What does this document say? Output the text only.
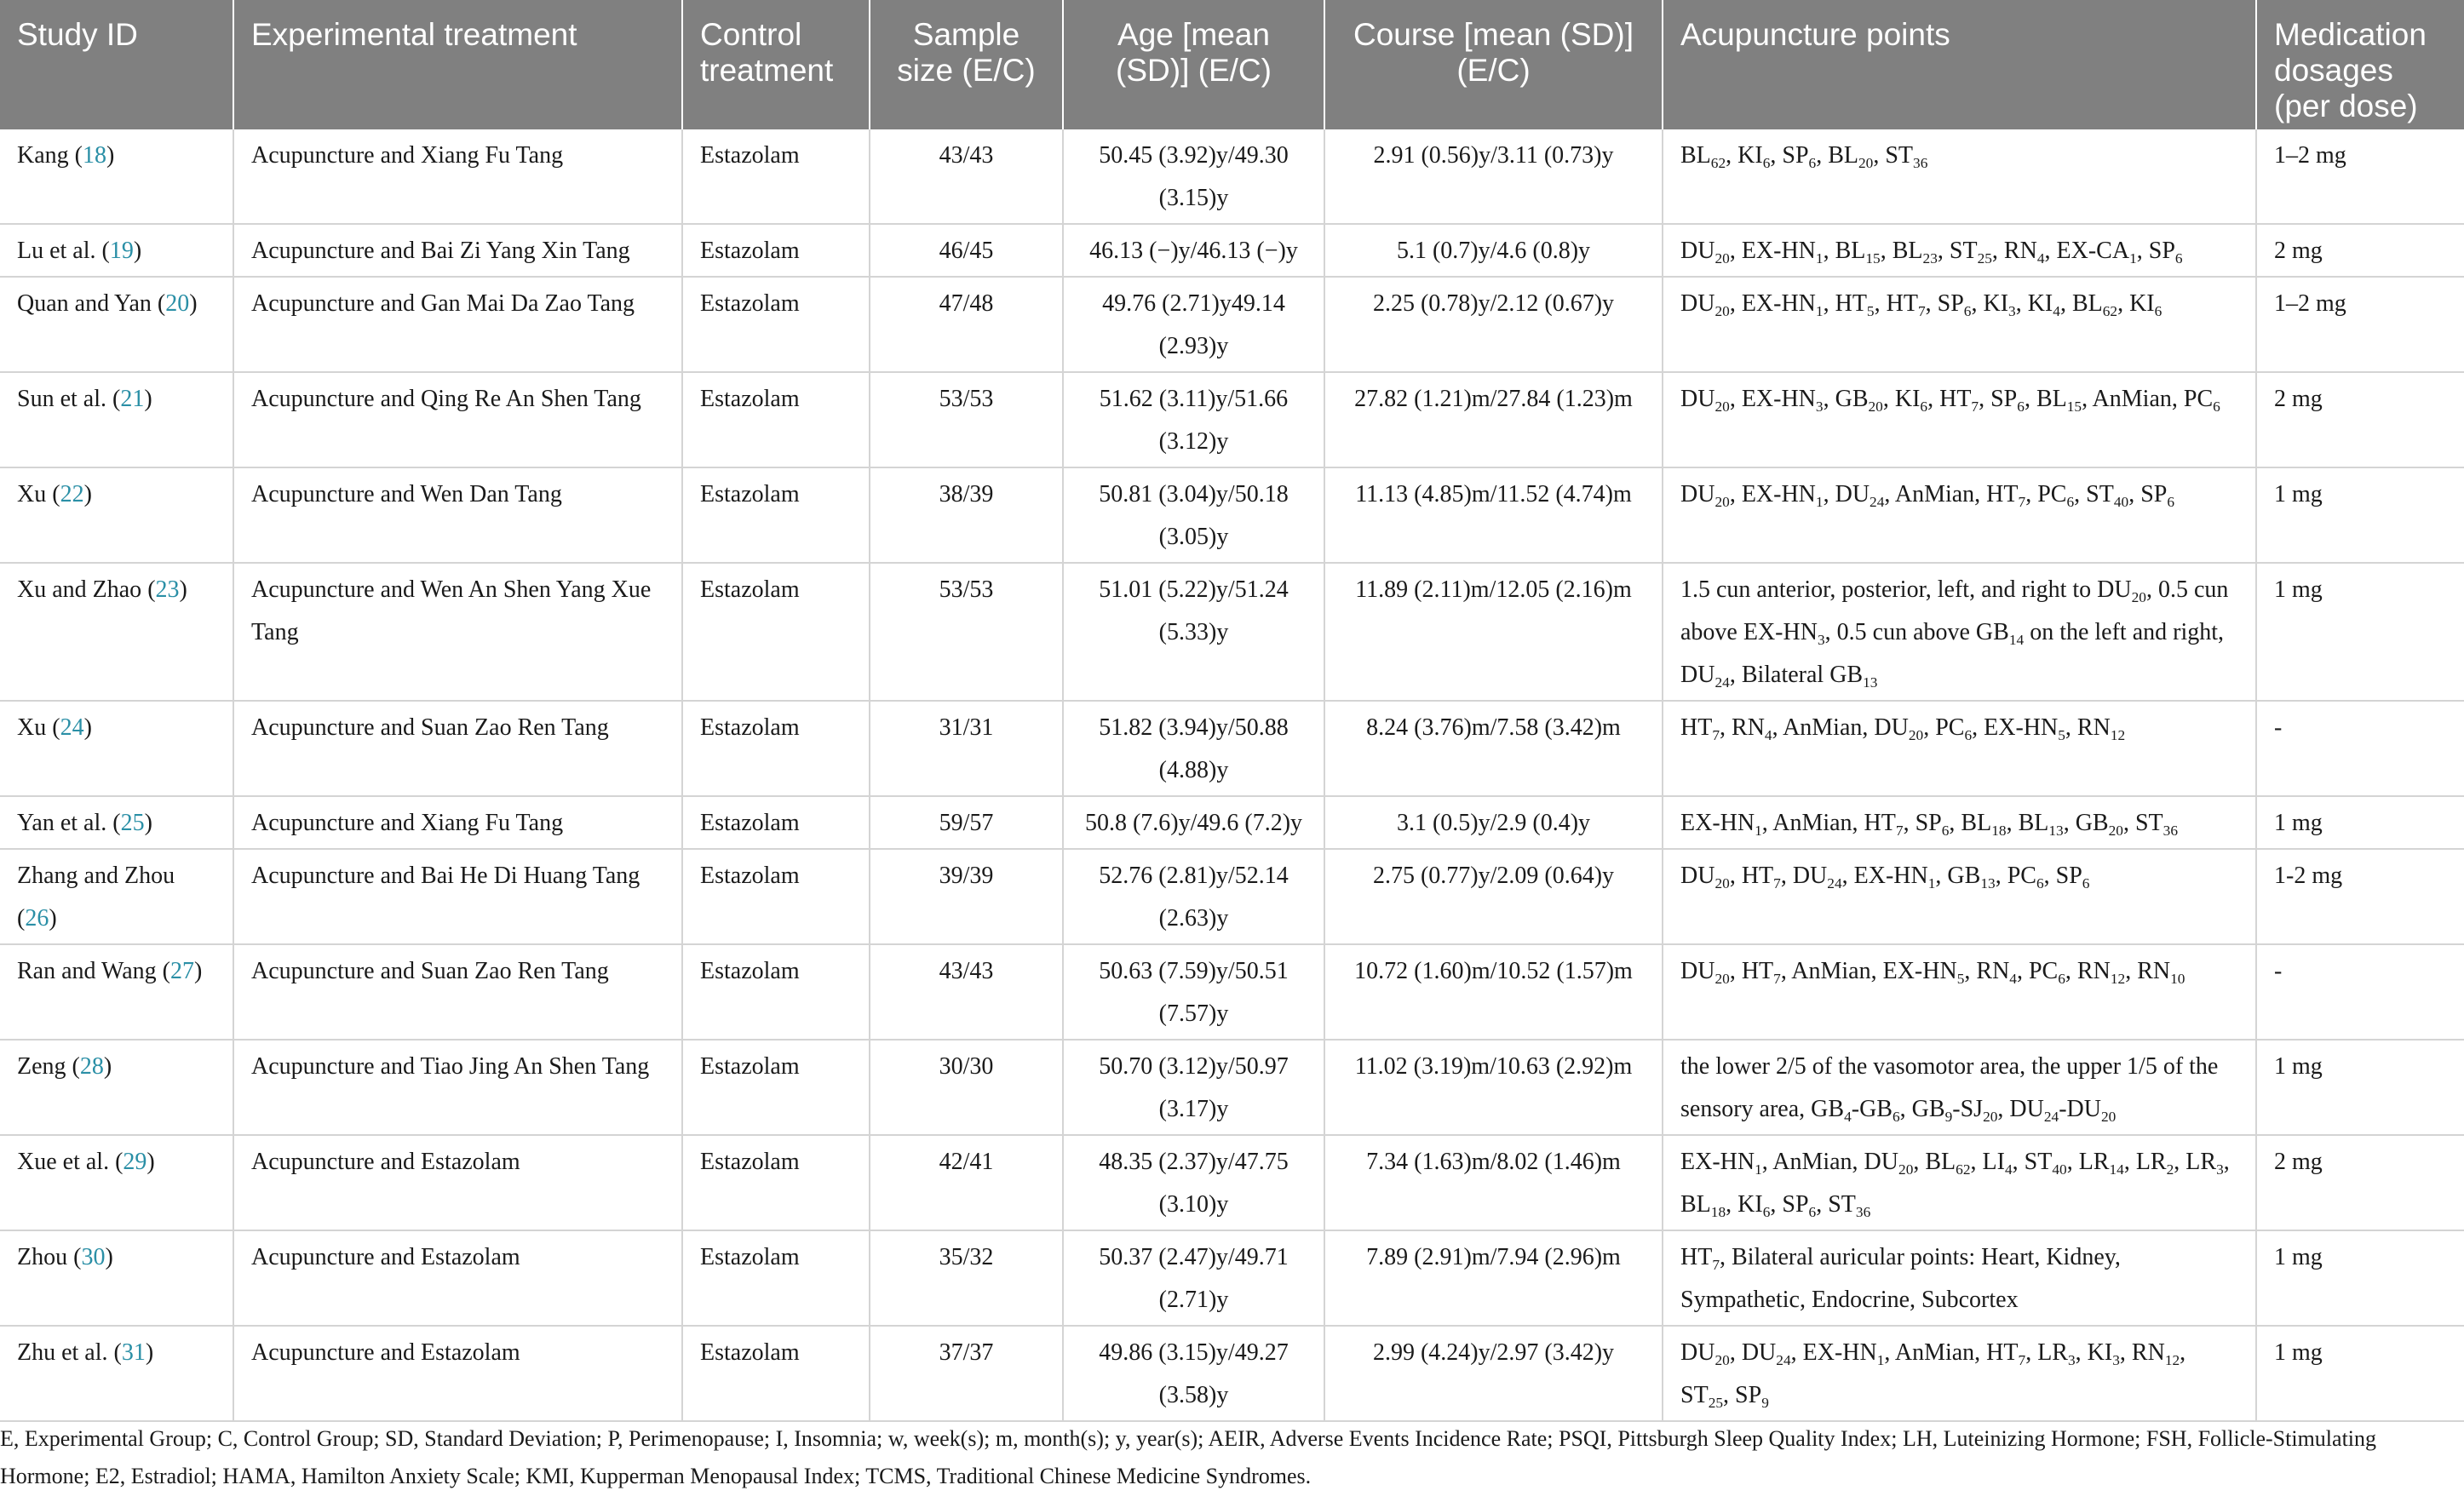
Study ID	Experimental treatment	Control treatment	Sample size (E/C)	Age [mean (SD)] (E/C)	Course [mean (SD)] (E/C)	Acupuncture points	Medication dosages (per dose)
Kang (18)	Acupuncture and Xiang Fu Tang	Estazolam	43/43	50.45 (3.92)y/49.30 (3.15)y	2.91 (0.56)y/3.11 (0.73)y	$BL_{62}$, $KI_6$, $SP_6$, $BL_{20}$, $ST_{36}$	1–2 mg
Lu et al. (19)	Acupuncture and Bai Zi Yang Xin Tang	Estazolam	46/45	46.13 (−)y/46.13 (−)y	5.1 (0.7)y/4.6 (0.8)y	$DU_{20}$, $EX-HN_1$, $BL_{15}$, $BL_{23}$, $ST_{25}$, $RN_4$, $EX-CA_1$, $SP_6$	2 mg
Quan and Yan (20)	Acupuncture and Gan Mai Da Zao Tang	Estazolam	47/48	49.76 (2.71)y49.14 (2.93)y	2.25 (0.78)y/2.12 (0.67)y	$DU_{20}$, $EX-HN_1$, $HT_5$, $HT_7$, $SP_6$, $KI_3$, $KI_4$, $BL_{62}$, $KI_6$	1–2 mg
Sun et al. (21)	Acupuncture and Qing Re An Shen Tang	Estazolam	53/53	51.62 (3.11)y/51.66 (3.12)y	27.82 (1.21)m/27.84 (1.23)m	$DU_{20}$, $EX-HN_3$, $GB_{20}$, $KI_6$, $HT_7$, $SP_6$, $BL_{15}$, AnMian, $PC_6$	2 mg
Xu (22)	Acupuncture and Wen Dan Tang	Estazolam	38/39	50.81 (3.04)y/50.18 (3.05)y	11.13 (4.85)m/11.52 (4.74)m	$DU_{20}$, $EX-HN_1$, $DU_{24}$, AnMian, $HT_7$, $PC_6$, $ST_{40}$, $SP_6$	1 mg
Xu and Zhao (23)	Acupuncture and Wen An Shen Yang Xue Tang	Estazolam	53/53	51.01 (5.22)y/51.24 (5.33)y	11.89 (2.11)m/12.05 (2.16)m	1.5 cun anterior, posterior, left, and right to $DU_{20}$, 0.5 cun above $EX-HN_3$, 0.5 cun above $GB_{14}$ on the left and right, $DU_{24}$, Bilateral $GB_{13}$	1 mg
Xu (24)	Acupuncture and Suan Zao Ren Tang	Estazolam	31/31	51.82 (3.94)y/50.88 (4.88)y	8.24 (3.76)m/7.58 (3.42)m	$HT_7$, $RN_4$, AnMian, $DU_{20}$, $PC_6$, $EX-HN_5$, $RN_{12}$	-
Yan et al. (25)	Acupuncture and Xiang Fu Tang	Estazolam	59/57	50.8 (7.6)y/49.6 (7.2)y	3.1 (0.5)y/2.9 (0.4)y	$EX-HN_1$, AnMian, $HT_7$, $SP_6$, $BL_{18}$, $BL_{13}$, $GB_{20}$, $ST_{36}$	1 mg
Zhang and Zhou (26)	Acupuncture and Bai He Di Huang Tang	Estazolam	39/39	52.76 (2.81)y/52.14 (2.63)y	2.75 (0.77)y/2.09 (0.64)y	$DU_{20}$, $HT_7$, $DU_{24}$, $EX-HN_1$, $GB_{13}$, $PC_6$, $SP_6$	1-2 mg
Ran and Wang (27)	Acupuncture and Suan Zao Ren Tang	Estazolam	43/43	50.63 (7.59)y/50.51 (7.57)y	10.72 (1.60)m/10.52 (1.57)m	$DU_{20}$, $HT_7$, AnMian, $EX-HN_5$, $RN_4$, $PC_6$, $RN_{12}$, $RN_{10}$	-
Zeng (28)	Acupuncture and Tiao Jing An Shen Tang	Estazolam	30/30	50.70 (3.12)y/50.97 (3.17)y	11.02 (3.19)m/10.63 (2.92)m	the lower 2/5 of the vasomotor area, the upper 1/5 of the sensory area, $GB_4-GB_6$, $GB_9-SJ_{20}$, $DU_{24}-DU_{20}$	1 mg
Xue et al. (29)	Acupuncture and Estazolam	Estazolam	42/41	48.35 (2.37)y/47.75 (3.10)y	7.34 (1.63)m/8.02 (1.46)m	$EX-HN_1$, AnMian, $DU_{20}$, $BL_{62}$, $LI_4$, $ST_{40}$, $LR_{14}$, $LR_2$, $LR_3$, $BL_{18}$, $KI_6$, $SP_6$, $ST_{36}$	2 mg
Zhou (30)	Acupuncture and Estazolam	Estazolam	35/32	50.37 (2.47)y/49.71 (2.71)y	7.89 (2.91)m/7.94 (2.96)m	$HT_7$, Bilateral auricular points: Heart, Kidney, Sympathetic, Endocrine, Subcortex	1 mg
Zhu et al. (31)	Acupuncture and Estazolam	Estazolam	37/37	49.86 (3.15)y/49.27 (3.58)y	2.99 (4.24)y/2.97 (3.42)y	$DU_{20}$, $DU_{24}$, $EX-HN_1$, AnMian, $HT_7$, $LR_3$, $KI_3$, $RN_{12}$, $ST_{25}$, $SP_9$	1 mg
E, Experimental Group; C, Control Group; SD, Standard Deviation; P, Perimenopause; I, Insomnia; w, week(s); m, month(s); y, year(s); AEIR, Adverse Events Incidence Rate; PSQI, Pittsburgh Sleep Quality Index; LH, Luteinizing Hormone; FSH, Follicle-Stimulating Hormone; E2, Estradiol; HAMA, Hamilton Anxiety Scale; KMI, Kupperman Menopausal Index; TCMS, Traditional Chinese Medicine Syndromes.
